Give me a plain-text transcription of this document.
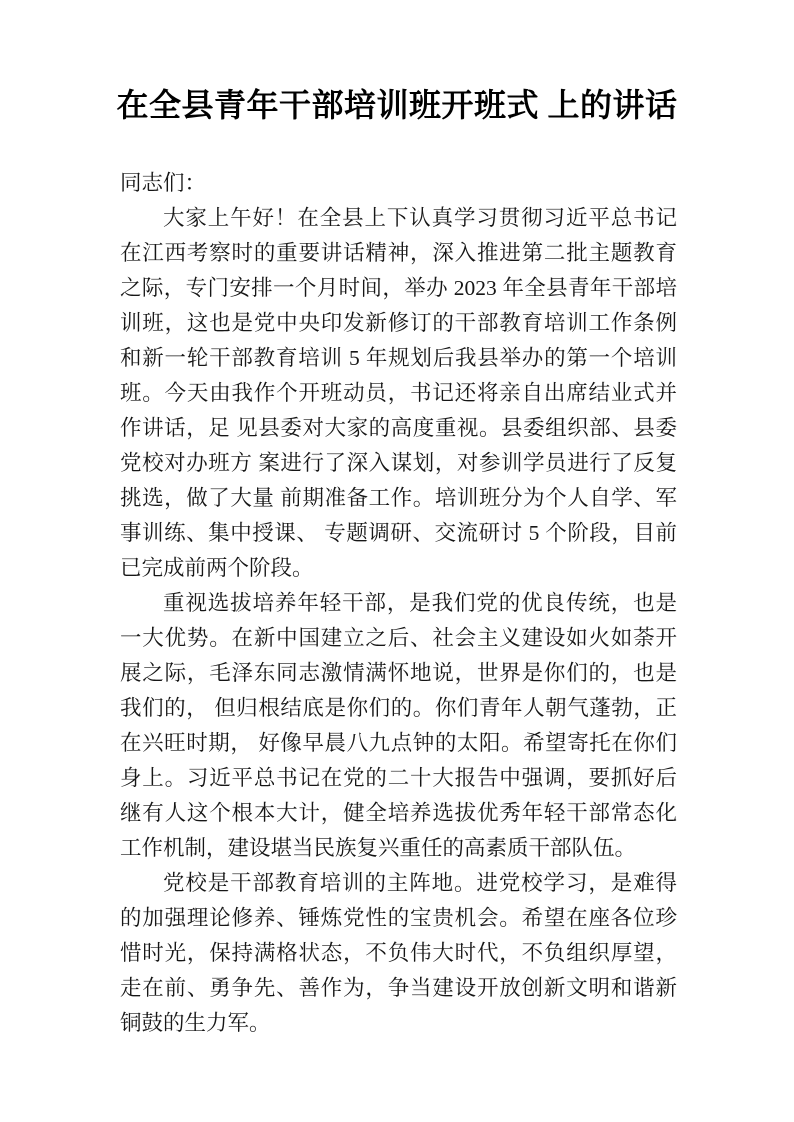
在全县青年干部培训班开班式 上的讲话

同志们：

大家上午好！在全县上下认真学习贯彻习近平总书记在江西考察时的重要讲话精神，深入推进第二批主题教育之际，专门安排一个月时间，举办 2023 年全县青年干部培训班，这也是党中央印发新修订的干部教育培训工作条例和新一轮干部教育培训 5 年规划后我县举办的第一个培训班。今天由我作个开班动员，书记还将亲自出席结业式并作讲话，足 见县委对大家的高度重视。县委组织部、县委党校对办班方 案进行了深入谋划，对参训学员进行了反复挑选，做了大量 前期准备工作。培训班分为个人自学、军事训练、集中授课、 专题调研、交流研讨 5 个阶段，目前已完成前两个阶段。

重视选拔培养年轻干部，是我们党的优良传统，也是一大优势。在新中国建立之后、社会主义建设如火如荼开展之际，毛泽东同志激情满怀地说，世界是你们的，也是我们的， 但归根结底是你们的。你们青年人朝气蓬勃，正在兴旺时期， 好像早晨八九点钟的太阳。希望寄托在你们身上。习近平总书记在党的二十大报告中强调，要抓好后继有人这个根本大计，健全培养选拔优秀年轻干部常态化工作机制，建设堪当民族复兴重任的高素质干部队伍。

党校是干部教育培训的主阵地。进党校学习，是难得的加强理论修养、锤炼党性的宝贵机会。希望在座各位珍惜时光，保持满格状态，不负伟大时代，不负组织厚望，走在前、勇争先、善作为，争当建设开放创新文明和谐新铜鼓的生力军。
